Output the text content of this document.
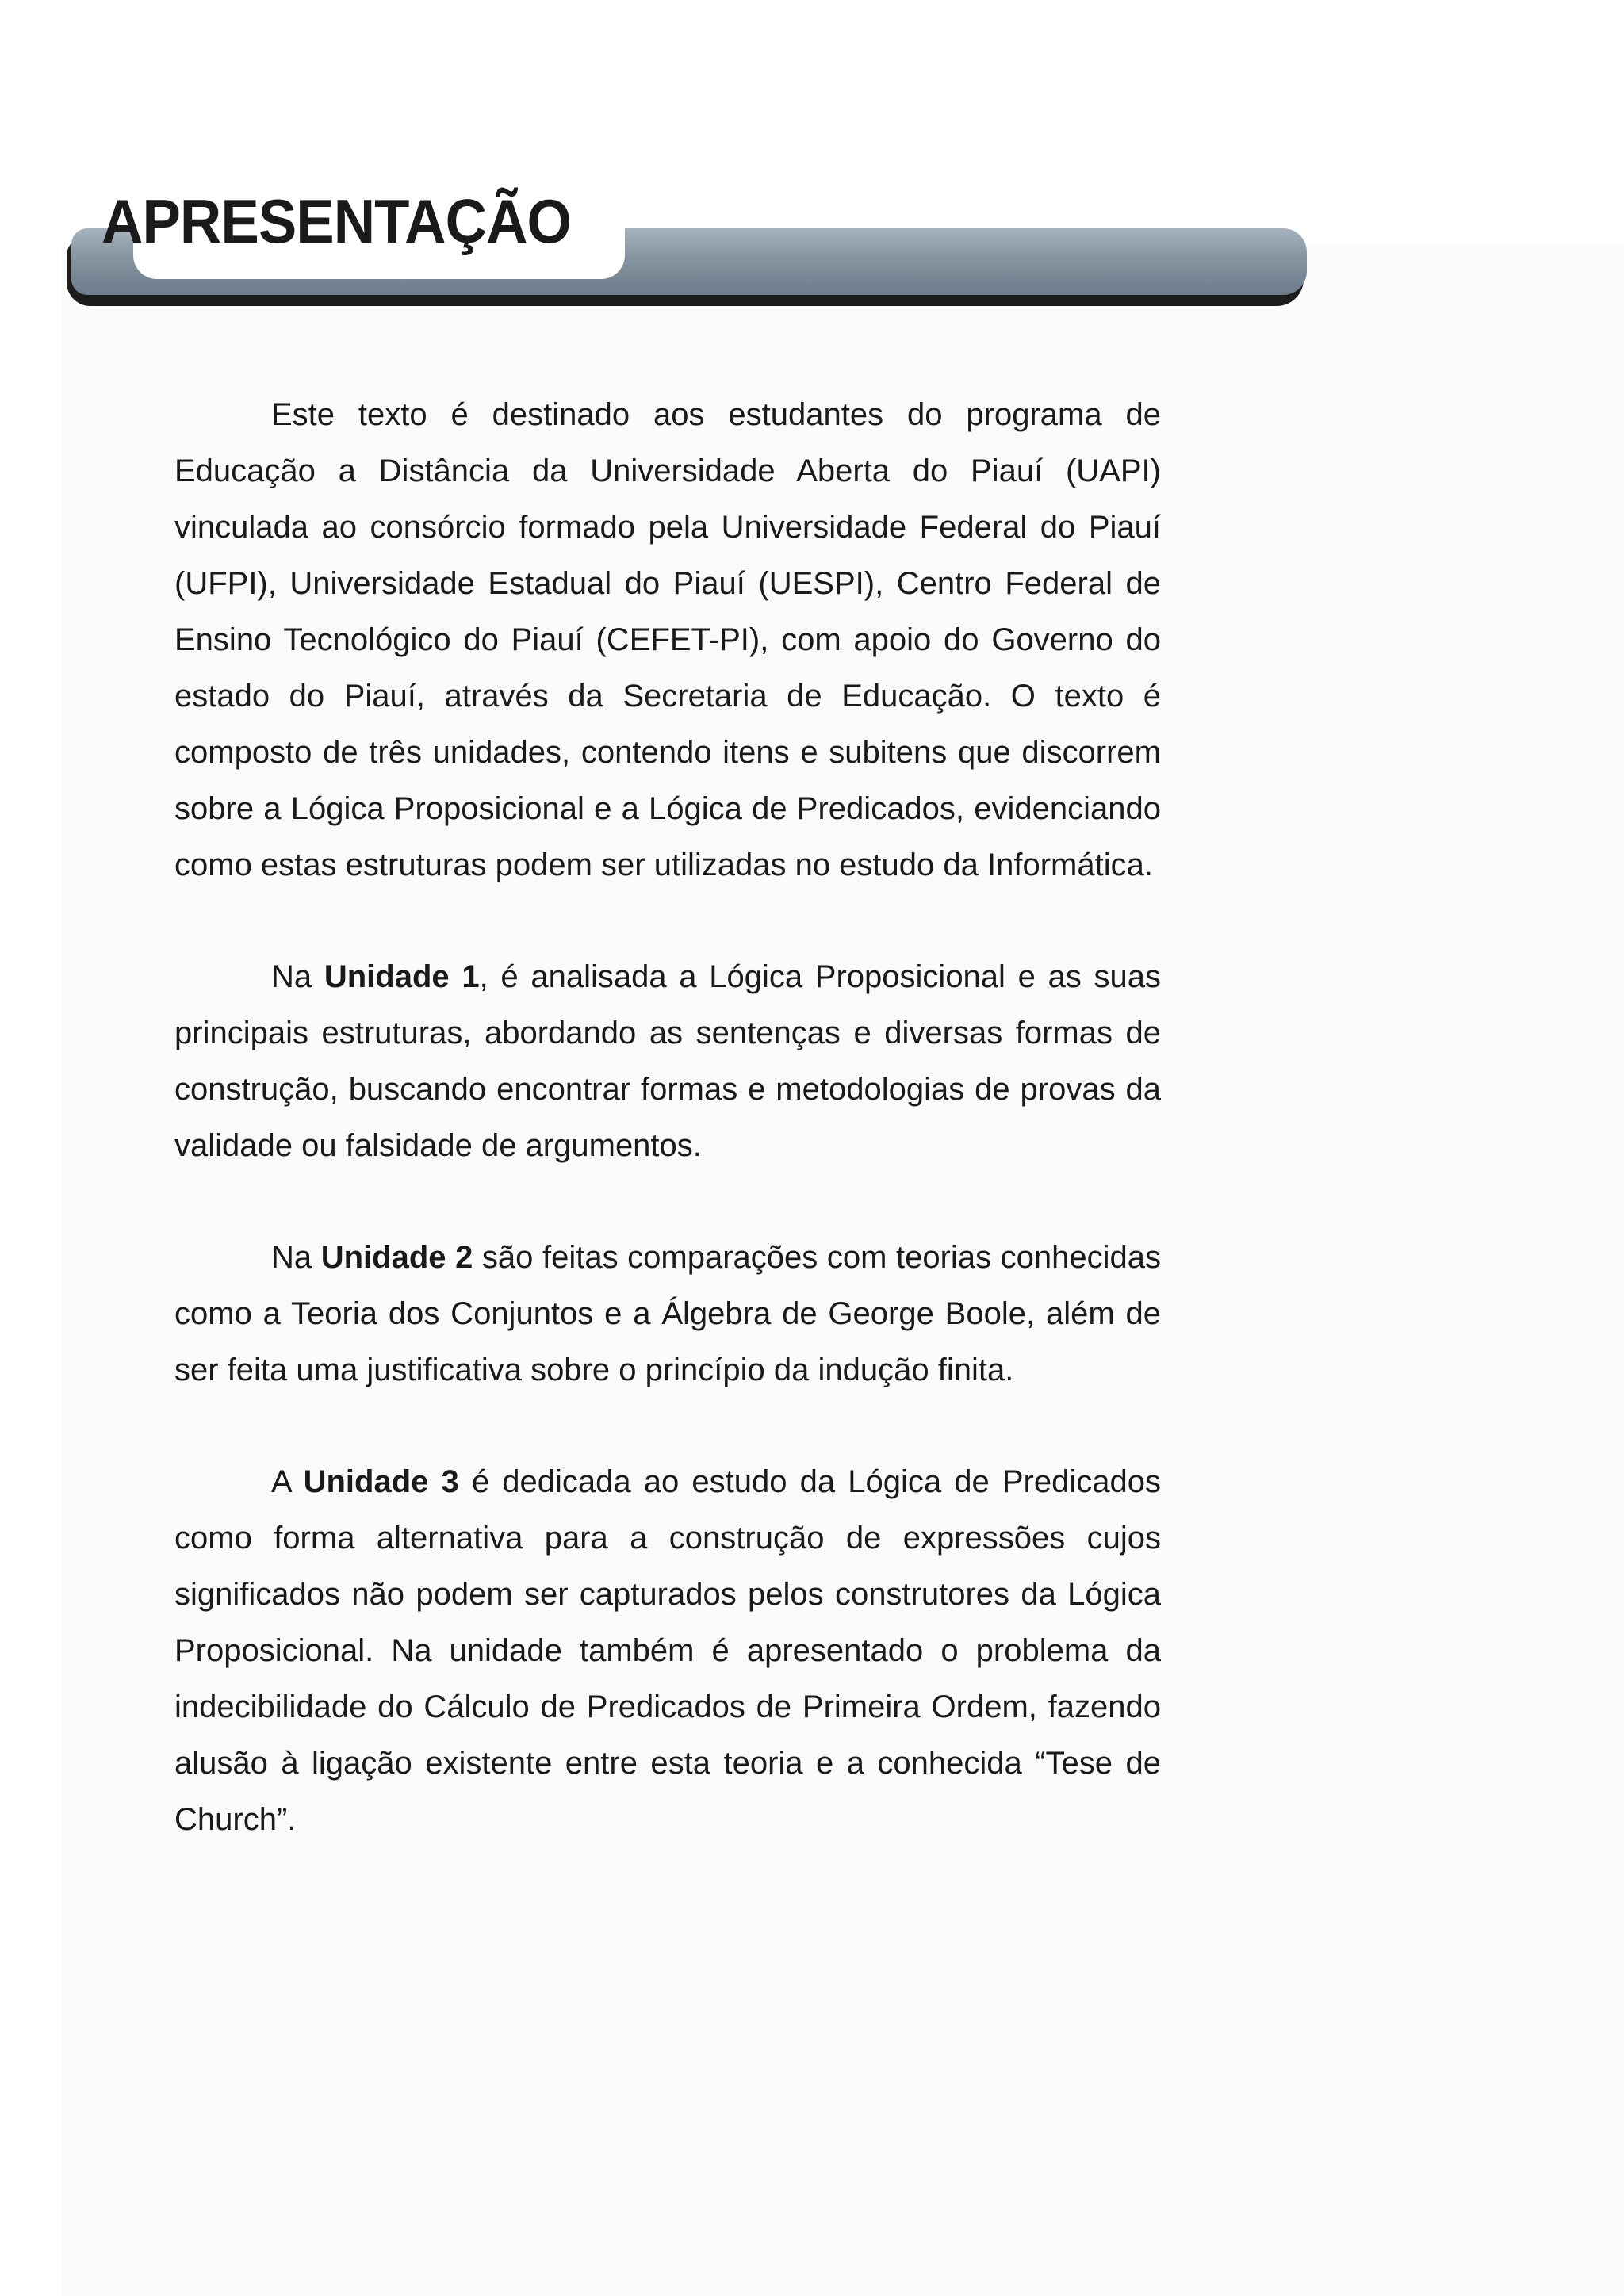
APRESENTAÇÃO

Este texto é destinado aos estudantes do programa de Educação a Distância da Universidade Aberta do Piauí (UAPI) vinculada ao consórcio formado pela Universidade Federal do Piauí (UFPI), Universidade Estadual do Piauí (UESPI), Centro Federal de Ensino Tecnológico do Piauí (CEFET-PI), com apoio do Governo do estado do Piauí, através da Secretaria de Educação. O texto é composto de três unidades, contendo itens e subitens que discorrem sobre a Lógica Proposicional e a Lógica de Predicados, evidenciando como estas estruturas podem ser utilizadas no estudo da Informática.

Na Unidade 1, é analisada a Lógica Proposicional e as suas principais estruturas, abordando as sentenças e diversas formas de construção, buscando encontrar formas e metodologias de provas da validade ou falsidade de argumentos.

Na Unidade 2 são feitas comparações com teorias conhecidas como a Teoria dos Conjuntos e a Álgebra de George Boole, além de ser feita uma justificativa sobre o princípio da indução finita.

A Unidade 3 é dedicada ao estudo da Lógica de Predicados como forma alternativa para a construção de expressões cujos significados não podem ser capturados pelos construtores da Lógica Proposicional. Na unidade também é apresentado o problema da indecibilidade do Cálculo de Predicados de Primeira Ordem, fazendo alusão à ligação existente entre esta teoria e a conhecida “Tese de Church”.
